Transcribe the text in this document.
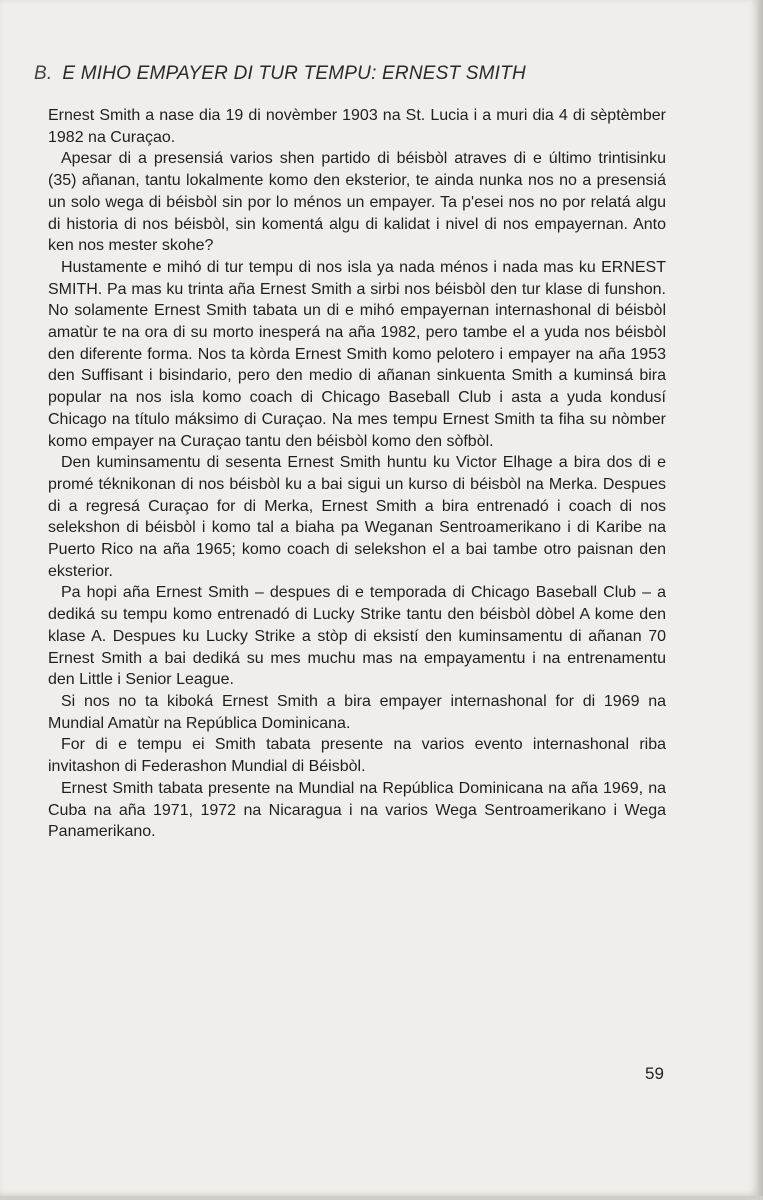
B. E MIHO EMPAYER DI TUR TEMPU: ERNEST SMITH

Ernest Smith a nase dia 19 di novèmber 1903 na St. Lucia i a muri dia 4 di sèptèmber 1982 na Curaçao.

Apesar di a presensiá varios shen partido di béisbòl atraves di e último trintisinku (35) añanan, tantu lokalmente komo den eksterior, te ainda nunka nos no a presensiá un solo wega di béisbòl sin por lo ménos un empayer. Ta p'esei nos no por relatá algu di historia di nos béisbòl, sin komentá algu di kalidat i nivel di nos empayernan. Anto ken nos mester skohe?

Hustamente e mihó di tur tempu di nos isla ya nada ménos i nada mas ku ERNEST SMITH. Pa mas ku trinta aña Ernest Smith a sirbi nos béisbòl den tur klase di funshon. No solamente Ernest Smith tabata un di e mihó empayernan internashonal di béisbòl amatùr te na ora di su morto inesperá na aña 1982, pero tambe el a yuda nos béisbòl den diferente forma. Nos ta kòrda Ernest Smith komo pelotero i empayer na aña 1953 den Suffisant i bisindario, pero den medio di añanan sinkuenta Smith a kuminsá bira popular na nos isla komo coach di Chicago Baseball Club i asta a yuda kondusí Chicago na título máksimo di Curaçao. Na mes tempu Ernest Smith ta fiha su nòmber komo empayer na Curaçao tantu den béisbòl komo den sòfbòl.

Den kuminsamentu di sesenta Ernest Smith huntu ku Victor Elhage a bira dos di e promé téknikonan di nos béisbòl ku a bai sigui un kurso di béisbòl na Merka. Despues di a regresá Curaçao for di Merka, Ernest Smith a bira entrenadó i coach di nos selekshon di béisbòl i komo tal a biaha pa Weganan Sentroamerikano i di Karibe na Puerto Rico na aña 1965; komo coach di selekshon el a bai tambe otro paisnan den eksterior.

Pa hopi aña Ernest Smith – despues di e temporada di Chicago Baseball Club – a dediká su tempu komo entrenadó di Lucky Strike tantu den béisbòl dòbel A kome den klase A. Despues ku Lucky Strike a stòp di eksistí den kuminsamentu di añanan 70 Ernest Smith a bai dediká su mes muchu mas na empayamentu i na entrenamentu den Little i Senior League.

Si nos no ta kiboká Ernest Smith a bira empayer internashonal for di 1969 na Mundial Amatùr na República Dominicana.

For di e tempu ei Smith tabata presente na varios evento internashonal riba invitashon di Federashon Mundial di Béisbòl.

Ernest Smith tabata presente na Mundial na República Dominicana na aña 1969, na Cuba na aña 1971, 1972 na Nicaragua i na varios Wega Sentroamerikano i Wega Panamerikano.

59
